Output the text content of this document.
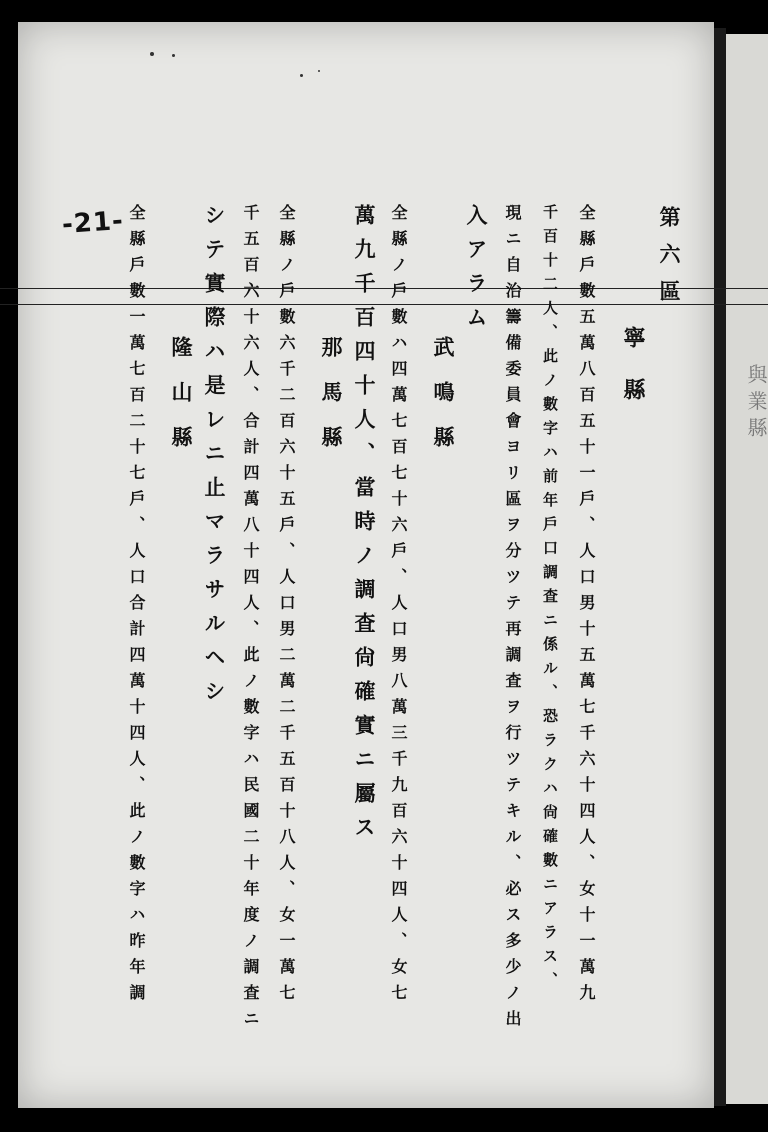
與 業 縣
-21-	第六區
寧縣
全縣戶數五萬八百五十一戶、人口男十五萬七千六十四人、女十一萬九
千百十二人、此ノ數字ハ前年戶口調査ニ係ル、恐ラクハ尙確數ニアラス、
現ニ自治籌備委員會ヨリ區ヲ分ツテ再調査ヲ行ツテキル、必ス多少ノ出
入アラム
武鳴縣
全縣ノ戶數ハ四萬七百七十六戶、人口男八萬三千九百六十四人、女七
萬九千百四十人、當時ノ調査尙確實ニ屬ス
那馬縣
全縣ノ戶數六千二百六十五戶、人口男二萬二千五百十八人、女一萬七
千五百六十六人、合計四萬八十四人、此ノ數字ハ民國二十年度ノ調査ニ
シテ實際ハ是レニ止マラサルヘシ
隆山縣
全縣戶數一萬七百二十七戶、人口合計四萬十四人、此ノ數字ハ昨年調
